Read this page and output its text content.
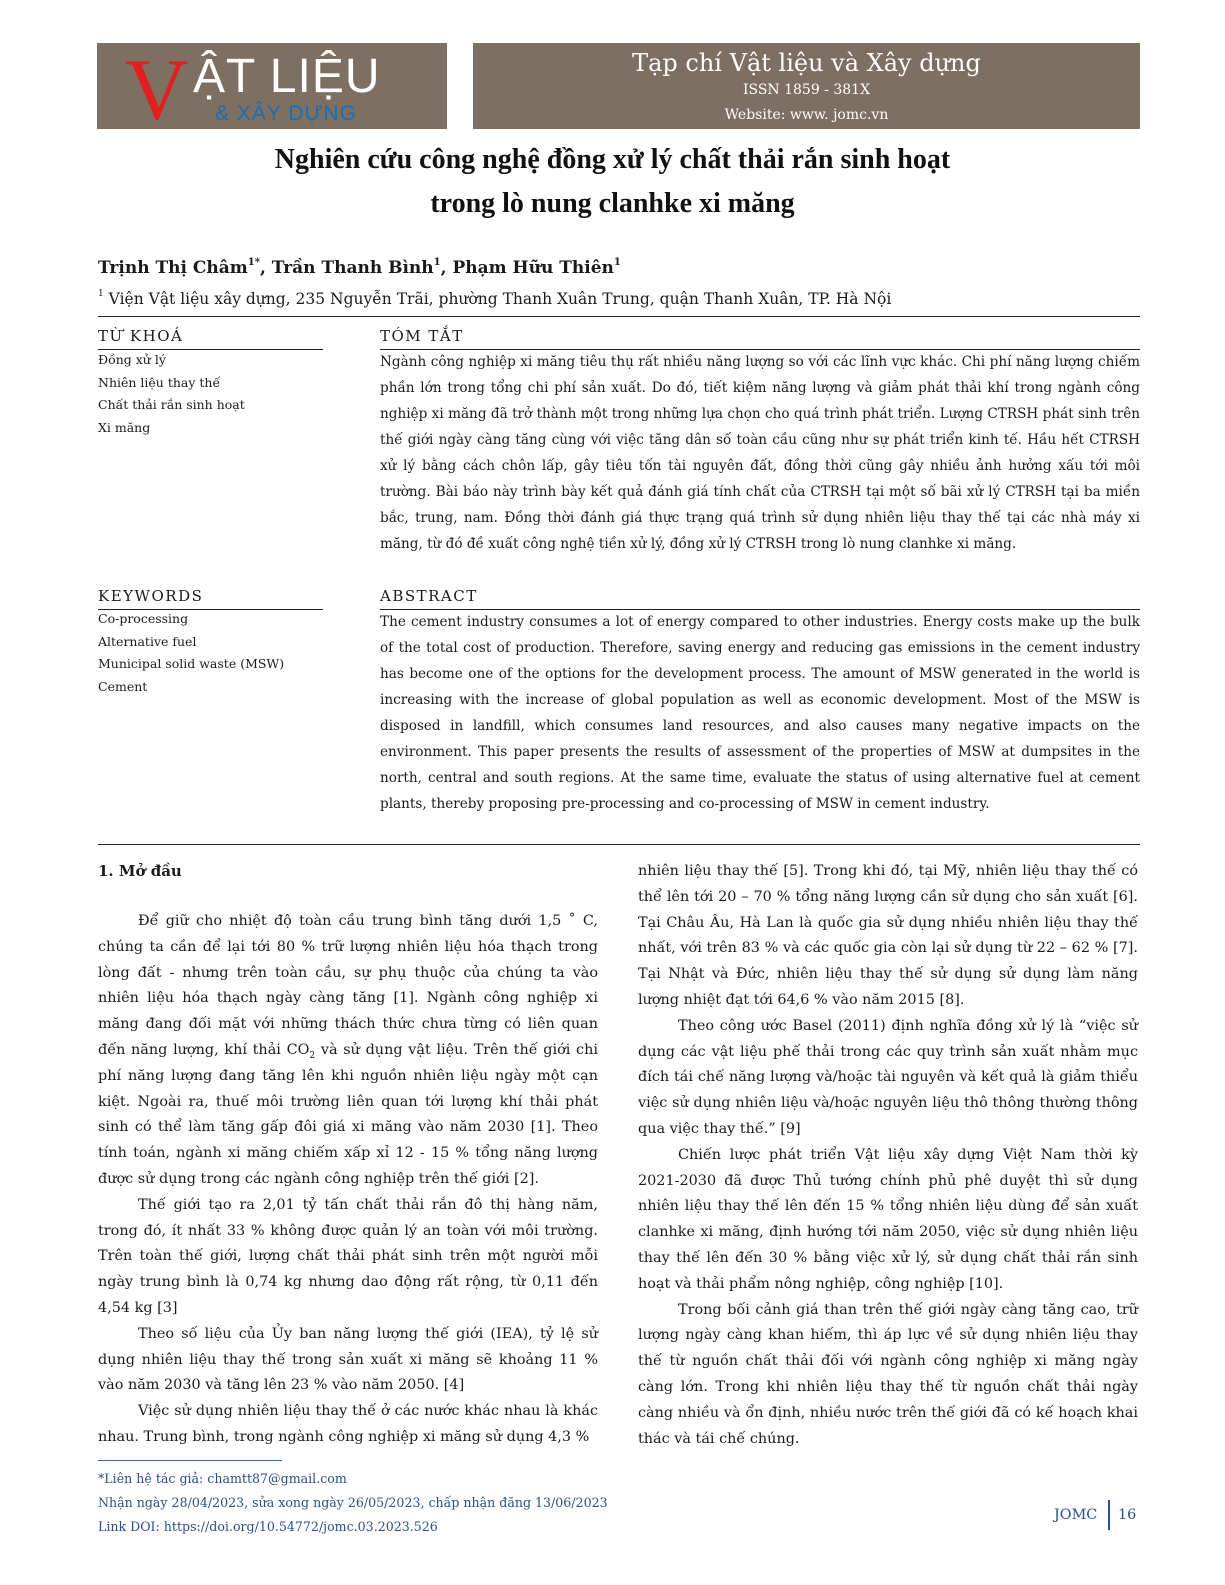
V ẬT LIỆU
& XÂY DỰNG
Tạp chí Vật liệu và Xây dựng
ISSN 1859 - 381X
Website: www. jomc.vn
Nghiên cứu công nghệ đồng xử lý chất thải rắn sinh hoạt
trong lò nung clanhke xi măng
Trịnh Thị Châm$^{1*}$, Trần Thanh Bình$^1$, Phạm Hữu Thiên$^1$
$^1$ Viện Vật liệu xây dựng, 235 Nguyễn Trãi, phường Thanh Xuân Trung, quận Thanh Xuân, TP. Hà Nội
TỪ KHOÁ
Đồng xử lý
Nhiên liệu thay thế
Chất thải rắn sinh hoạt
Xi măng
TÓM TẮT
Ngành công nghiệp xi măng tiêu thụ rất nhiều năng lượng so với các lĩnh vực khác. Chi phí năng lượng chiếm phần lớn trong tổng chi phí sản xuất. Do đó, tiết kiệm năng lượng và giảm phát thải khí trong ngành công nghiệp xi măng đã trở thành một trong những lựa chọn cho quá trình phát triển. Lượng CTRSH phát sinh trên thế giới ngày càng tăng cùng với việc tăng dân số toàn cầu cũng như sự phát triển kinh tế. Hầu hết CTRSH xử lý bằng cách chôn lấp, gây tiêu tốn tài nguyên đất, đồng thời cũng gây nhiều ảnh hưởng xấu tới môi trường. Bài báo này trình bày kết quả đánh giá tính chất của CTRSH tại một số bãi xử lý CTRSH tại ba miền bắc, trung, nam. Đồng thời đánh giá thực trạng quá trình sử dụng nhiên liệu thay thế tại các nhà máy xi măng, từ đó đề xuất công nghệ tiền xử lý, đồng xử lý CTRSH trong lò nung clanhke xi măng.
KEYWORDS
Co-processing
Alternative fuel
Municipal solid waste (MSW)
Cement
ABSTRACT
The cement industry consumes a lot of energy compared to other industries. Energy costs make up the bulk of the total cost of production. Therefore, saving energy and reducing gas emissions in the cement industry has become one of the options for the development process. The amount of MSW generated in the world is increasing with the increase of global population as well as economic development. Most of the MSW is disposed in landfill, which consumes land resources, and also causes many negative impacts on the environment. This paper presents the results of assessment of the properties of MSW at dumpsites in the north, central and south regions. At the same time, evaluate the status of using alternative fuel at cement plants, thereby proposing pre-processing and co-processing of MSW in cement industry.
1. Mở đầu

Để giữ cho nhiệt độ toàn cầu trung bình tăng dưới 1,5 ˚ C, chúng ta cần để lại tới 80 % trữ lượng nhiên liệu hóa thạch trong lòng đất - nhưng trên toàn cầu, sự phụ thuộc của chúng ta vào nhiên liệu hóa thạch ngày càng tăng [1]. Ngành công nghiệp xi măng đang đối mặt với những thách thức chưa từng có liên quan đến năng lượng, khí thải $CO_2$ và sử dụng vật liệu. Trên thế giới chi phí năng lượng đang tăng lên khi nguồn nhiên liệu ngày một cạn kiệt. Ngoài ra, thuế môi trường liên quan tới lượng khí thải phát sinh có thể làm tăng gấp đôi giá xi măng vào năm 2030 [1]. Theo tính toán, ngành xi măng chiếm xấp xỉ 12 - 15 % tổng năng lượng được sử dụng trong các ngành công nghiệp trên thế giới [2].

Thế giới tạo ra 2,01 tỷ tấn chất thải rắn đô thị hàng năm, trong đó, ít nhất 33 % không được quản lý an toàn với môi trường. Trên toàn thế giới, lượng chất thải phát sinh trên một người mỗi ngày trung bình là 0,74 kg nhưng dao động rất rộng, từ 0,11 đến 4,54 kg [3]

Theo số liệu của Ủy ban năng lượng thế giới (IEA), tỷ lệ sử dụng nhiên liệu thay thế trong sản xuất xi măng sẽ khoảng 11 % vào năm 2030 và tăng lên 23 % vào năm 2050. [4]

Việc sử dụng nhiên liệu thay thế ở các nước khác nhau là khác nhau. Trung bình, trong ngành công nghiệp xi măng sử dụng 4,3 %

nhiên liệu thay thế [5]. Trong khi đó, tại Mỹ, nhiên liệu thay thế có thể lên tới 20 – 70 % tổng năng lượng cần sử dụng cho sản xuất [6]. Tại Châu Âu, Hà Lan là quốc gia sử dụng nhiều nhiên liệu thay thế nhất, với trên 83 % và các quốc gia còn lại sử dụng từ 22 – 62 % [7]. Tại Nhật và Đức, nhiên liệu thay thế sử dụng sử dụng làm năng lượng nhiệt đạt tới 64,6 % vào năm 2015 [8].

Theo công ước Basel (2011) định nghĩa đồng xử lý là “việc sử dụng các vật liệu phế thải trong các quy trình sản xuất nhằm mục đích tái chế năng lượng và/hoặc tài nguyên và kết quả là giảm thiểu việc sử dụng nhiên liệu và/hoặc nguyên liệu thô thông thường thông qua việc thay thế.” [9]

Chiến lược phát triển Vật liệu xây dựng Việt Nam thời kỳ 2021-2030 đã được Thủ tướng chính phủ phê duyệt thì sử dụng nhiên liệu thay thế lên đến 15 % tổng nhiên liệu dùng để sản xuất clanhke xi măng, định hướng tới năm 2050, việc sử dụng nhiên liệu thay thế lên đến 30 % bằng việc xử lý, sử dụng chất thải rắn sinh hoạt và thải phẩm nông nghiệp, công nghiệp [10].

Trong bối cảnh giá than trên thế giới ngày càng tăng cao, trữ lượng ngày càng khan hiếm, thì áp lực về sử dụng nhiên liệu thay thế từ nguồn chất thải đối với ngành công nghiệp xi măng ngày càng lớn. Trong khi nhiên liệu thay thế từ nguồn chất thải ngày càng nhiều và ổn định, nhiều nước trên thế giới đã có kế hoạch khai thác và tái chế chúng.

*Liên hệ tác giả: chamtt87@gmail.com
Nhận ngày 28/04/2023, sửa xong ngày 26/05/2023, chấp nhận đăng 13/06/2023
Link DOI: https://doi.org/10.54772/jomc.03.2023.526
JOMC 16
